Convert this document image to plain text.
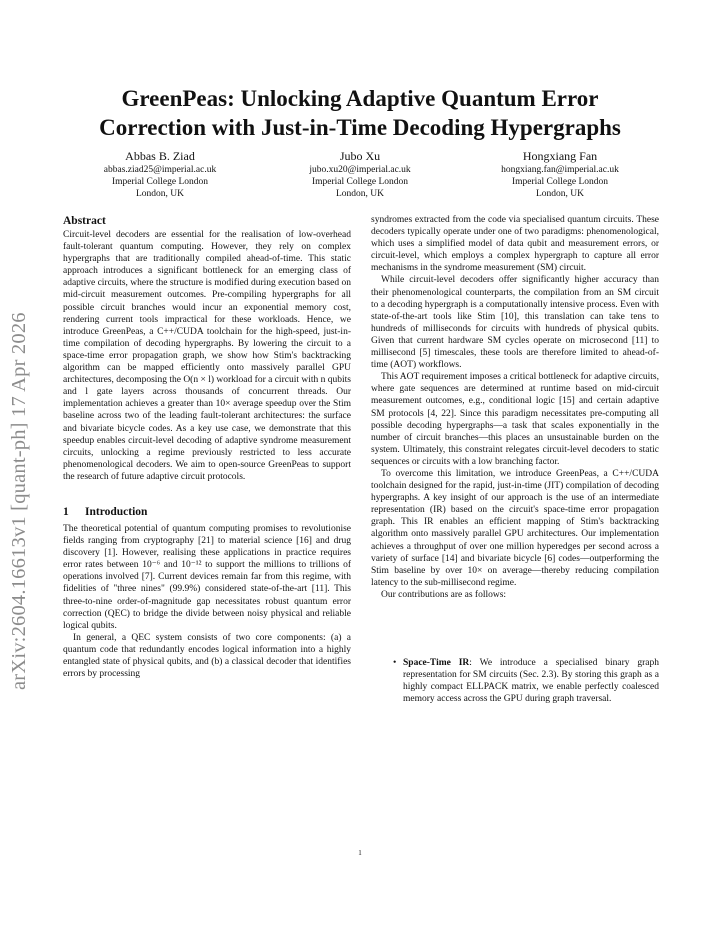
arXiv:2604.16613v1 [quant-ph] 17 Apr 2026
GreenPeas: Unlocking Adaptive Quantum Error
Correction with Just-in-Time Decoding Hypergraphs
Abbas B. Ziad
abbas.ziad25@imperial.ac.uk
Imperial College London
London, UK
Jubo Xu
jubo.xu20@imperial.ac.uk
Imperial College London
London, UK
Hongxiang Fan
hongxiang.fan@imperial.ac.uk
Imperial College London
London, UK
Abstract

Circuit-level decoders are essential for the realisation of low-overhead fault-tolerant quantum computing. However, they rely on complex hypergraphs that are traditionally compiled ahead-of-time. This static approach introduces a significant bottleneck for an emerging class of adaptive circuits, where the structure is modified during execution based on mid-circuit measurement outcomes. Pre-compiling hypergraphs for all possible circuit branches would incur an exponential memory cost, rendering current tools impractical for these workloads. Hence, we introduce GreenPeas, a C++/CUDA toolchain for the high-speed, just-in-time compilation of decoding hypergraphs. By lowering the circuit to a space-time error propagation graph, we show how Stim's backtracking algorithm can be mapped efficiently onto massively parallel GPU architectures, decomposing the O(n × l) workload for a circuit with n qubits and l gate layers across thousands of concurrent threads. Our implementation achieves a greater than 10× average speedup over the Stim baseline across two of the leading fault-tolerant architectures: the surface and bivariate bicycle codes. As a key use case, we demonstrate that this speedup enables circuit-level decoding of adaptive syndrome measurement circuits, unlocking a regime previously restricted to less accurate phenomenological decoders. We aim to open-source GreenPeas to support the research of future adaptive circuit protocols.

1 Introduction

The theoretical potential of quantum computing promises to revolutionise fields ranging from cryptography [21] to material science [16] and drug discovery [1]. However, realising these applications in practice requires error rates between 10⁻⁶ and 10⁻¹² to support the millions to trillions of operations involved [7]. Current devices remain far from this regime, with fidelities of "three nines" (99.9%) considered state-of-the-art [11]. This three-to-nine order-of-magnitude gap necessitates robust quantum error correction (QEC) to bridge the divide between noisy physical and reliable logical qubits.

In general, a QEC system consists of two core components: (a) a quantum code that redundantly encodes logical information into a highly entangled state of physical qubits, and (b) a classical decoder that identifies errors by processing

syndromes extracted from the code via specialised quantum circuits. These decoders typically operate under one of two paradigms: phenomenological, which uses a simplified model of data qubit and measurement errors, or circuit-level, which employs a complex hypergraph to capture all error mechanisms in the syndrome measurement (SM) circuit.

While circuit-level decoders offer significantly higher accuracy than their phenomenological counterparts, the compilation from an SM circuit to a decoding hypergraph is a computationally intensive process. Even with state-of-the-art tools like Stim [10], this translation can take tens to hundreds of milliseconds for circuits with hundreds of physical qubits. Given that current hardware SM cycles operate on microsecond [11] to millisecond [5] timescales, these tools are therefore limited to ahead-of-time (AOT) workflows.

This AOT requirement imposes a critical bottleneck for adaptive circuits, where gate sequences are determined at runtime based on mid-circuit measurement outcomes, e.g., conditional logic [15] and certain adaptive SM protocols [4, 22]. Since this paradigm necessitates pre-computing all possible decoding hypergraphs—a task that scales exponentially in the number of circuit branches—this places an unsustainable burden on the system. Ultimately, this constraint relegates circuit-level decoders to static sequences or circuits with a low branching factor.

To overcome this limitation, we introduce GreenPeas, a C++/CUDA toolchain designed for the rapid, just-in-time (JIT) compilation of decoding hypergraphs. A key insight of our approach is the use of an intermediate representation (IR) based on the circuit's space-time error propagation graph. This IR enables an efficient mapping of Stim's backtracking algorithm onto massively parallel GPU architectures. Our implementation achieves a throughput of over one million hyperedges per second across a variety of surface [14] and bivariate bicycle [6] codes—outperforming the Stim baseline by over 10× on average—thereby reducing compilation latency to the sub-millisecond regime.

Our contributions are as follows:

• Space-Time IR: We introduce a specialised binary graph representation for SM circuits (Sec. 2.3). By storing this graph as a highly compact ELLPACK matrix, we enable perfectly coalesced memory access across the GPU during graph traversal.
1
